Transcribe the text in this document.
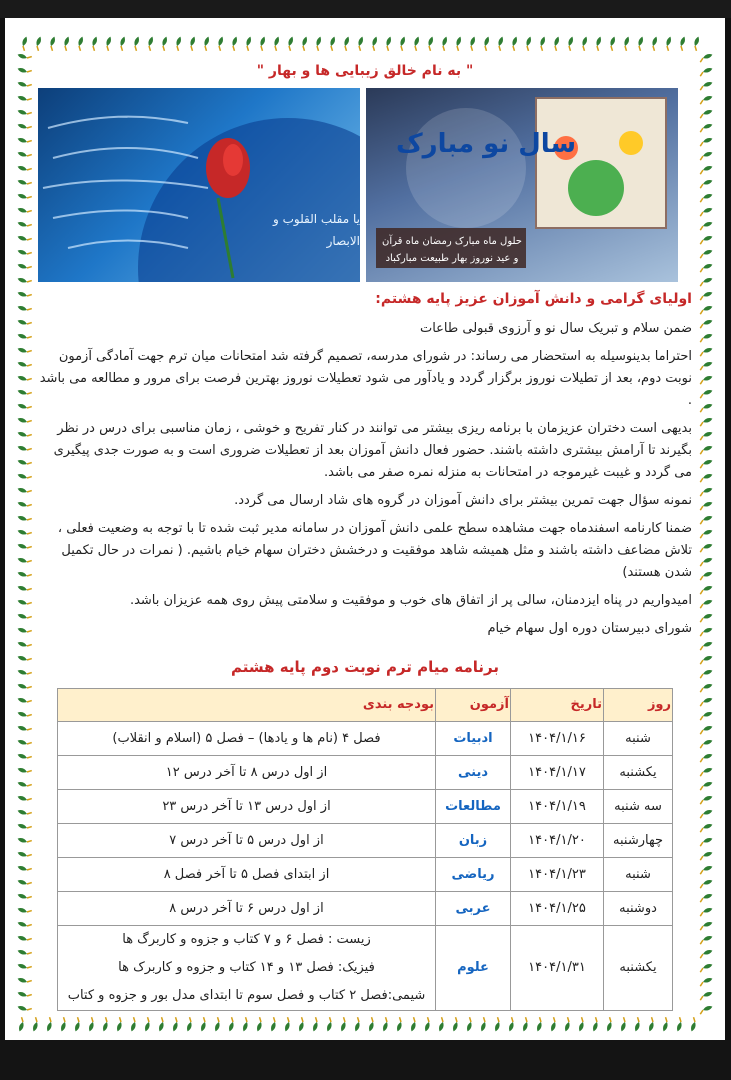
" به نام خالق زیبایی ها و بهار "
یا مقلب القلوب و الابصار
سال نو مبارک
حلول ماه مبارک رمضان ماه قرآن
و عید نوروز بهار طبیعت مبارکباد
اولیای گرامی و دانش آموزان عزیز پایه هشتم:

ضمن سلام و تبریک سال نو و آرزوی قبولی طاعات

احتراما بدینوسیله به استحضار می رساند: در شورای مدرسه، تصمیم گرفته شد امتحانات میان ترم جهت آمادگی آزمون نوبت دوم، بعد از تطیلات نوروز برگزار گردد و یادآور می شود تعطیلات نوروز بهترین فرصت برای مرور و مطالعه می باشد .

بدیهی است دختران عزیزمان با برنامه ریزی بیشتر می توانند در کنار تفریح و خوشی ، زمان مناسبی برای درس در نظر بگیرند تا آرامش بیشتری داشته باشند. حضور فعال دانش آموزان بعد از تعطیلات ضروری است و به صورت جدی پیگیری می گردد و غیبت غیرموجه در امتحانات به منزله نمره صفر می باشد.

نمونه سؤال جهت تمرین بیشتر برای دانش آموزان در گروه های شاد ارسال می گردد.

ضمنا کارنامه اسفندماه جهت مشاهده سطح علمی دانش آموزان در سامانه مدیر ثبت شده تا با توجه به وضعیت فعلی ، تلاش مضاعف داشته باشند و مثل همیشه شاهد موفقیت و درخشش دختران سهام خیام باشیم. ( نمرات در حال تکمیل شدن هستند)

امیدواریم در پناه ایزدمنان، سالی پر از اتفاق های خوب و موفقیت و سلامتی پیش روی همه عزیزان باشد.

شورای دبیرستان دوره اول سهام خیام

برنامه میام ترم نوبت دوم پایه هشتم
روز	تاریخ	آزمون	بودجه بندی
شنبه	۱۴۰۴/۱/۱۶	ادبیات	فصل ۴ (نام ها و یادها) – فصل ۵ (اسلام و انقلاب)
یکشنبه	۱۴۰۴/۱/۱۷	دینی	از اول درس ۸ تا آخر درس ۱۲
سه شنبه	۱۴۰۴/۱/۱۹	مطالعات	از اول درس ۱۳ تا آخر درس ۲۳
چهارشنبه	۱۴۰۴/۱/۲۰	زبان	از اول درس ۵ تا آخر درس ۷
شنبه	۱۴۰۴/۱/۲۳	ریاضی	از ابتدای فصل ۵ تا آخر فصل ۸
دوشنبه	۱۴۰۴/۱/۲۵	عربی	از اول درس ۶ تا آخر درس ۸
یکشنبه	۱۴۰۴/۱/۳۱	علوم	زیست : فصل ۶ و ۷ کتاب و جزوه و کاربرگ ها
فیزیک: فصل ۱۳ و ۱۴ کتاب و جزوه و کاربرک ها
شیمی:فصل ۲ کتاب و فصل سوم تا ابتدای مدل بور و جزوه و کتاب
